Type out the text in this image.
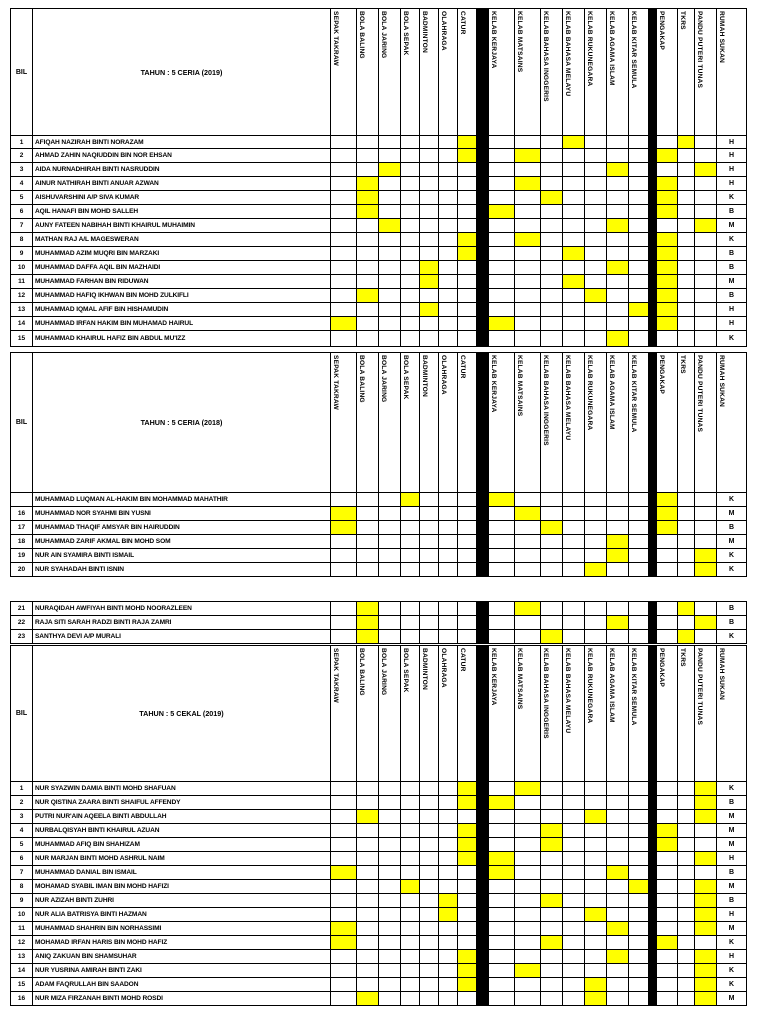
BIL	TAHUN : 5 CERIA (2019)	SEPAK TAKRAW	BOLA BALING	BOLA JARING	BOLA SEPAK	BADMINTON	OLAHRAGA	CATUR		KELAB KERJAYA	KELAB MATSAINS	KELAB BAHASA INGGERIS	KELAB BAHASA MELAYU	KELAB RUKUNEGARA	KELAB AGAMA ISLAM	KELAB KITAR SEMULA		PENGAKAP	TKRS	PANDU PUTERI TUNAS	RUMAH SUKAN
1	AFIQAH NAZIRAH BINTI NORAZAM																				H
2	AHMAD ZAHIN NAQIUDDIN BIN NOR EHSAN																				H
3	AIDA NURNADHIRAH BINTI NASRUDDIN																				H
4	AINUR NATHIRAH BINTI ANUAR AZWAN																				H
5	AISHUVARSHINI A/P SIVA KUMAR																				K
6	AQIL HANAFI BIN MOHD SALLEH																				B
7	AUNY FATEEN NABIHAH BINTI KHAIRUL MUHAIMIN																				M
8	MATHAN RAJ A/L MAGESWERAN																				K
9	MUHAMMAD AZIM MUQRI BIN MARZAKI																				B
10	MUHAMMAD DAFFA AQIL BIN MAZHAIDI																				B
11	MUHAMMAD FARHAN BIN RIDUWAN																				M
12	MUHAMMAD HAFIQ IKHWAN BIN MOHD ZULKIFLI																				B
13	MUHAMMAD IQMAL AFIF BIN HISHAMUDIN																				H
14	MUHAMMAD IRFAN HAKIM BIN MUHAMAD HAIRUL																				H
15	MUHAMMAD KHAIRUL HAFIZ BIN ABDUL MU'IZZ																				K
BIL	TAHUN : 5 CERIA (2018)	SEPAK TAKRAW	BOLA BALING	BOLA JARING	BOLA SEPAK	BADMINTON	OLAHRAGA	CATUR		KELAB KERJAYA	KELAB MATSAINS	KELAB BAHASA INGGERIS	KELAB BAHASA MELAYU	KELAB RUKUNEGARA	KELAB AGAMA ISLAM	KELAB KITAR SEMULA		PENGAKAP	TKRS	PANDU PUTERI TUNAS	RUMAH SUKAN
	MUHAMMAD LUQMAN AL-HAKIM BIN MOHAMMAD MAHATHIR																				K
16	MUHAMMAD NOR SYAHMI BIN YUSNI																				M
17	MUHAMMAD THAQIF AMSYAR BIN HAIRUDDIN																				B
18	MUHAMMAD ZARIF AKMAL BIN MOHD SOM																				M
19	NUR AIN SYAMIRA BINTI ISMAIL																				K
20	NUR SYAHADAH BINTI ISNIN																				K
21	NURAQIDAH AWFIYAH BINTI MOHD NOORAZLEEN																				B
22	RAJA SITI SARAH RADZI BINTI RAJA ZAMRI																				B
23	SANTHYA DEVI A/P MURALI																				K
BIL	TAHUN : 5 CEKAL (2019)	SEPAK TAKRAW	BOLA BALING	BOLA JARING	BOLA SEPAK	BADMINTON	OLAHRAGA	CATUR		KELAB KERJAYA	KELAB MATSAINS	KELAB BAHASA INGGERIS	KELAB BAHASA MELAYU	KELAB RUKUNEGARA	KELAB AGAMA ISLAM	KELAB KITAR SEMULA		PENGAKAP	TKRS	PANDU PUTERI TUNAS	RUMAH SUKAN
1	NUR SYAZWIN DAMIA BINTI MOHD SHAFUAN																				K
2	NUR QISTINA ZAARA BINTI SHAIFUL AFFENDY																				B
3	PUTRI NUR'AIN AQEELA BINTI ABDULLAH																				M
4	NURBALQISYAH BINTI KHAIRUL AZUAN																				M
5	MUHAMMAD AFIQ BIN SHAHIZAM																				M
6	NUR MARJAN BINTI MOHD ASHRUL NAIM																				H
7	MUHAMMAD DANIAL BIN ISMAIL																				B
8	MOHAMAD SYABIL IMAN BIN MOHD HAFIZI																				M
9	NUR AZIZAH BINTI ZUHRI																				B
10	NUR ALIA BATRISYA BINTI HAZMAN																				H
11	MUHAMMAD SHAHRIN BIN NORHASSIMI																				M
12	MOHAMAD IRFAN HARIS BIN MOHD HAFIZ																				K
13	ANIQ ZAKUAN BIN SHAMSUHAR																				H
14	NUR YUSRINA AMIRAH BINTI ZAKI																				K
15	ADAM FAQRULLAH BIN SAADON																				K
16	NUR MIZA FIRZANAH BINTI MOHD ROSDI																				M
